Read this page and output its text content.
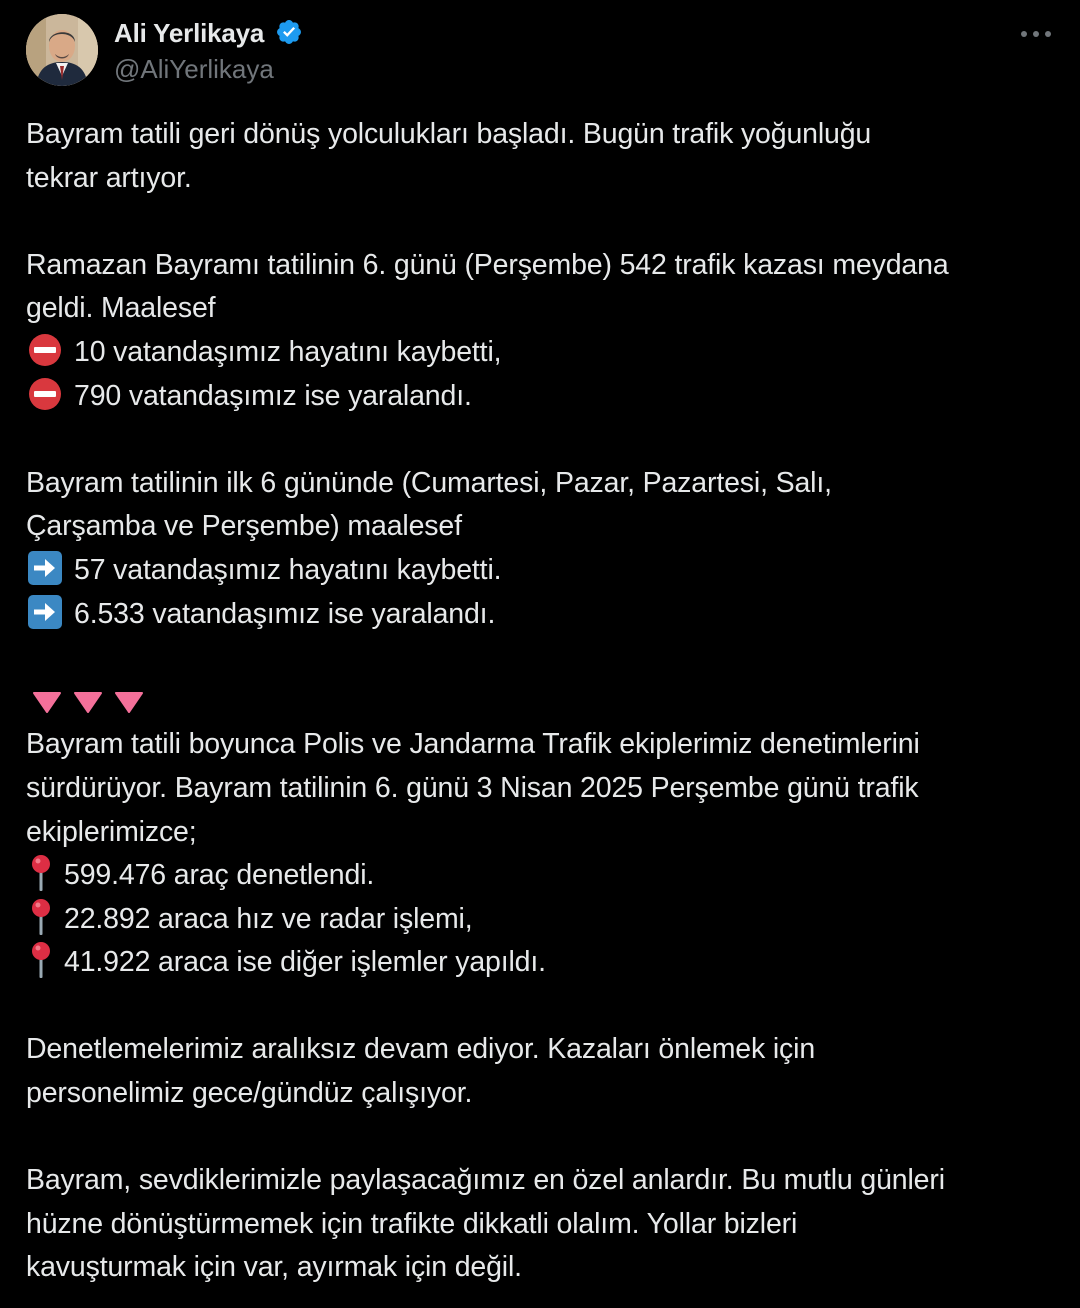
Ali Yerlikaya
@AliYerlikaya
Bayram tatili geri dönüş yolculukları başladı. Bugün trafik yoğunluğu
tekrar artıyor.
Ramazan Bayramı tatilinin 6. günü (Perşembe) 542 trafik kazası meydana
geldi. Maalesef
10 vatandaşımız hayatını kaybetti,
790 vatandaşımız ise yaralandı.
Bayram tatilinin ilk 6 gününde (Cumartesi, Pazar, Pazartesi, Salı,
Çarşamba ve Perşembe) maalesef
57 vatandaşımız hayatını kaybetti.
6.533 vatandaşımız ise yaralandı.
Bayram tatili boyunca Polis ve Jandarma Trafik ekiplerimiz denetimlerini
sürdürüyor. Bayram tatilinin 6. günü 3 Nisan 2025 Perşembe günü trafik
ekiplerimizce;
599.476 araç denetlendi.
22.892 araca hız ve radar işlemi,
41.922 araca ise diğer işlemler yapıldı.
Denetlemelerimiz aralıksız devam ediyor. Kazaları önlemek için
personelimiz gece/gündüz çalışıyor.
Bayram, sevdiklerimizle paylaşacağımız en özel anlardır. Bu mutlu günleri
hüzne dönüştürmemek için trafikte dikkatli olalım. Yollar bizleri
kavuşturmak için var, ayırmak için değil.
